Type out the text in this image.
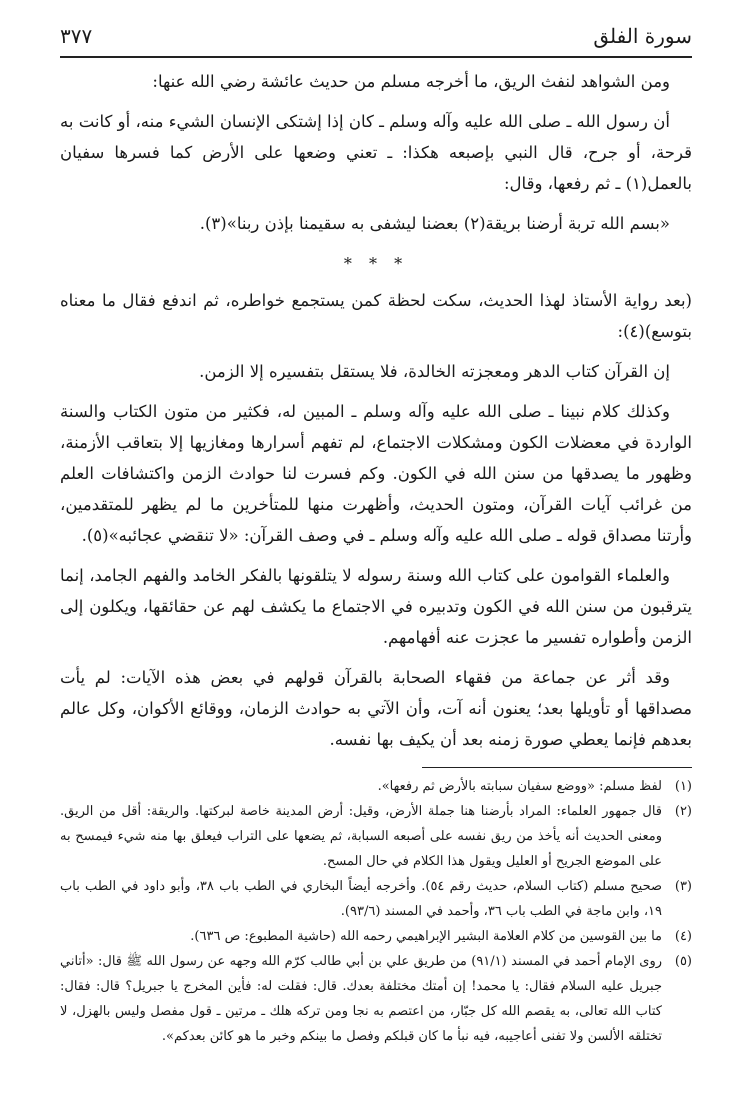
سورة الفلق
٣٧٧

ومن الشواهد لنفث الريق، ما أخرجه مسلم من حديث عائشة رضي الله عنها:

أن رسول الله ـ صلى الله عليه وآله وسلم ـ كان إذا إشتكى الإنسان الشيء منه، أو كانت به قرحة، أو جرح، قال النبي بإصبعه هكذا: ـ تعني وضعها على الأرض كما فسرها سفيان بالعمل(١) ـ ثم رفعها، وقال:

«بسم الله تربة أرضنا بريقة(٢) بعضنا ليشفى به سقيمنا بإذن ربنا»(٣).

* * *

(بعد رواية الأستاذ لهذا الحديث، سكت لحظة كمن يستجمع خواطره، ثم اندفع فقال ما معناه بتوسع)(٤):

إن القرآن كتاب الدهر ومعجزته الخالدة، فلا يستقل بتفسيره إلا الزمن.

وكذلك كلام نبينا ـ صلى الله عليه وآله وسلم ـ المبين له، فكثير من متون الكتاب والسنة الواردة في معضلات الكون ومشكلات الاجتماع، لم تفهم أسرارها ومغازيها إلا بتعاقب الأزمنة، وظهور ما يصدقها من سنن الله في الكون. وكم فسرت لنا حوادث الزمن واكتشافات العلم من غرائب آيات القرآن، ومتون الحديث، وأظهرت منها للمتأخرين ما لم يظهر للمتقدمين، وأرتنا مصداق قوله ـ صلى الله عليه وآله وسلم ـ في وصف القرآن: «لا تنقضي عجائبه»(٥).

والعلماء القوامون على كتاب الله وسنة رسوله لا يتلقونها بالفكر الخامد والفهم الجامد، إنما يترقبون من سنن الله في الكون وتدبيره في الاجتماع ما يكشف لهم عن حقائقها، ويكلون إلى الزمن وأطواره تفسير ما عجزت عنه أفهامهم.

وقد أثر عن جماعة من فقهاء الصحابة بالقرآن قولهم في بعض هذه الآيات: لم يأت مصداقها أو تأويلها بعد؛ يعنون أنه آت، وأن الآتي به حوادث الزمان، ووقائع الأكوان، وكل عالم بعدهم فإنما يعطي صورة زمنه بعد أن يكيف بها نفسه.

(١)
لفظ مسلم: «ووضع سفيان سبابته بالأرض ثم رفعها».
(٢)
قال جمهور العلماء: المراد بأرضنا هنا جملة الأرض، وقيل: أرض المدينة خاصة لبركتها. والريقة: أقل من الريق. ومعنى الحديث أنه يأخذ من ريق نفسه على أصبعه السبابة، ثم يضعها على التراب فيعلق بها منه شيء فيمسح به على الموضع الجريح أو العليل ويقول هذا الكلام في حال المسح.
(٣)
صحيح مسلم (كتاب السلام، حديث رقم ٥٤). وأخرجه أيضاً البخاري في الطب باب ٣٨، وأبو داود في الطب باب ١٩، وابن ماجة في الطب باب ٣٦، وأحمد في المسند (٩٣/٦).
(٤)
ما بين القوسين من كلام العلامة البشير الإبراهيمي رحمه الله (حاشية المطبوع: ص ٦٣٦).
(٥)
روى الإمام أحمد في المسند (٩١/١) من طريق علي بن أبي طالب كرّم الله وجهه عن رسول الله ﷺ قال: «أتاني جبريل عليه السلام فقال: يا محمد! إن أمتك مختلفة بعدك. قال: فقلت له: فأين المخرج يا جبريل؟ قال: فقال: كتاب الله تعالى، به يقصم الله كل جبّار، من اعتصم به نجا ومن تركه هلك ـ مرتين ـ قول مفصل وليس بالهزل، لا تختلقه الألسن ولا تفنى أعاجيبه، فيه نبأ ما كان قبلكم وفصل ما بينكم وخبر ما هو كائن بعدكم».
